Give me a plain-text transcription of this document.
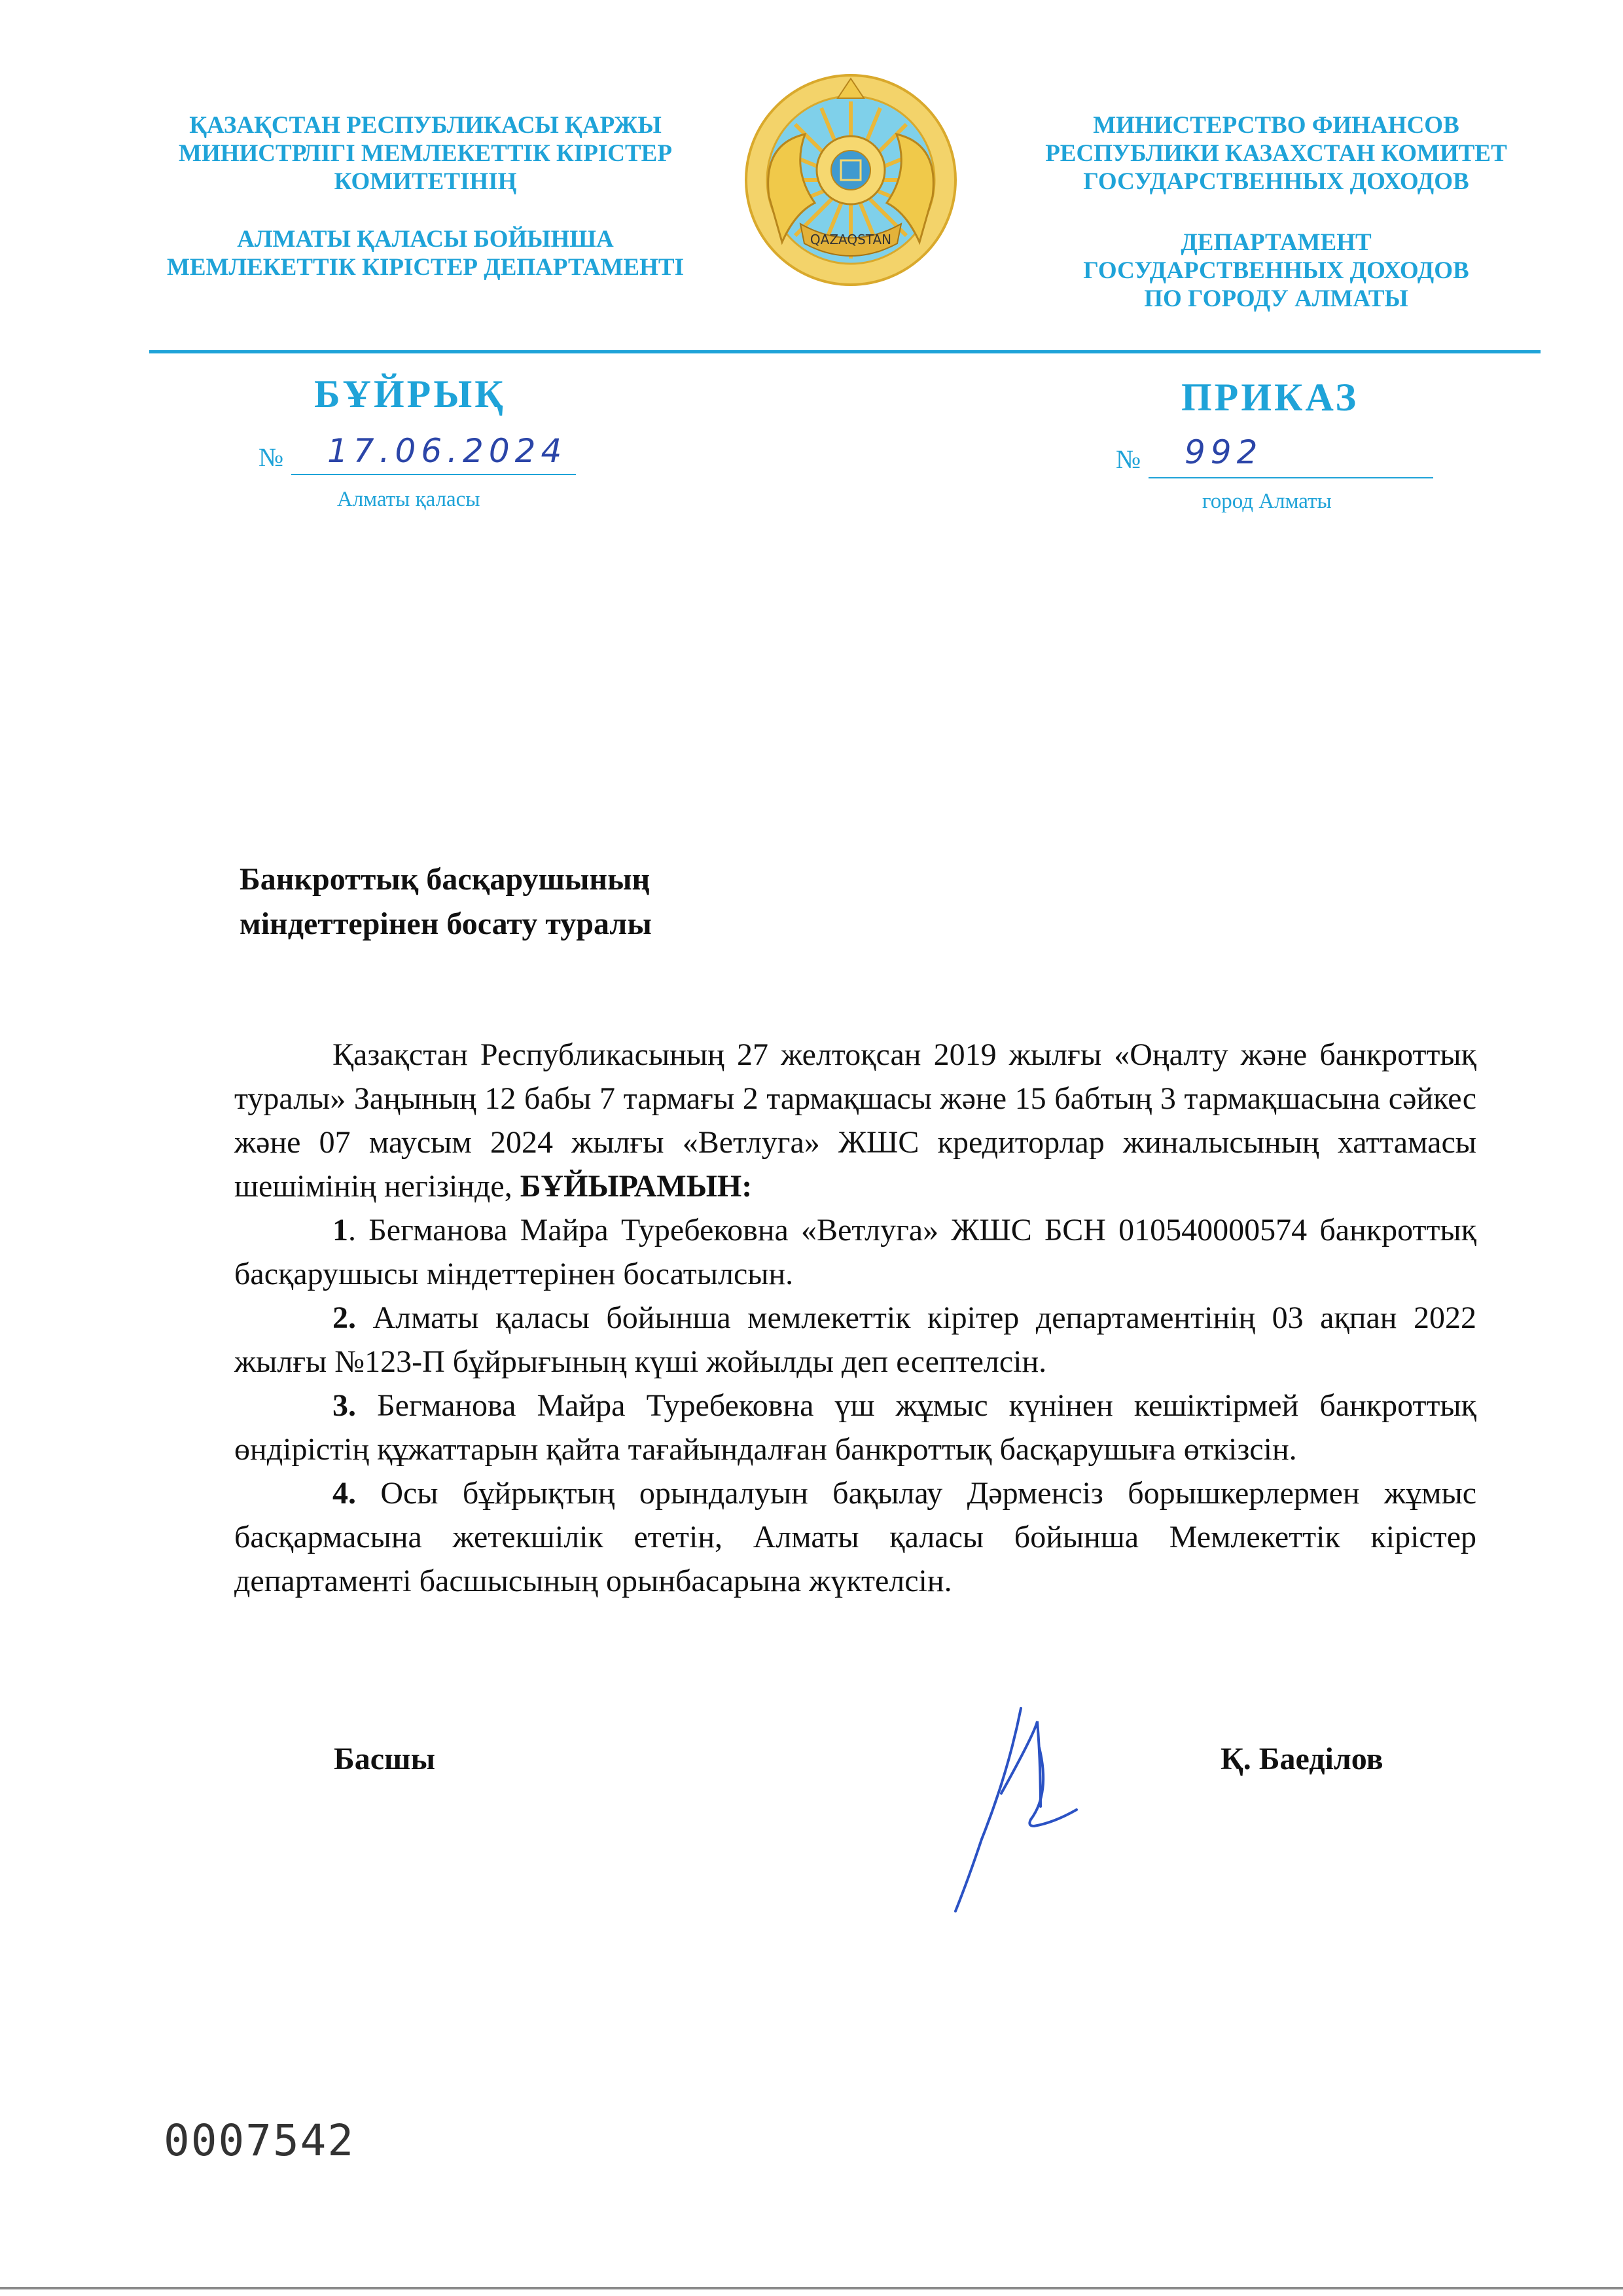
ҚАЗАҚСТАН РЕСПУБЛИКАСЫ ҚАРЖЫ
МИНИСТРЛІГІ МЕМЛЕКЕТТІК КІРІСТЕР
КОМИТЕТІНІҢ
АЛМАТЫ ҚАЛАСЫ БОЙЫНША
МЕМЛЕКЕТТІК КІРІСТЕР ДЕПАРТАМЕНТІ
QAZAQSTAN
МИНИСТЕРСТВО ФИНАНСОВ
РЕСПУБЛИКИ КАЗАХСТАН КОМИТЕТ
ГОСУДАРСТВЕННЫХ ДОХОДОВ
ДЕПАРТАМЕНТ
ГОСУДАРСТВЕННЫХ ДОХОДОВ
ПО ГОРОДУ АЛМАТЫ
БҰЙРЫҚ
№ 17.06.2024
Алматы қаласы
ПРИКАЗ
№ 992
город Алматы
Банкроттық басқарушының
міндеттерінен босату туралы

Қазақстан Республикасының 27 желтоқсан 2019 жылғы «Оңалту және банкроттық туралы» Заңының 12 бабы 7 тармағы 2 тармақшасы және 15 бабтың 3 тармақшасына сәйкес және 07 маусым 2024 жылғы «Ветлуга» ЖШС кредиторлар жиналысының хаттамасы шешімінің негізінде, БҰЙЫРАМЫН:

1. Бегманова Майра Туребековна «Ветлуга» ЖШС БСН 010540000574 банкроттық басқарушысы міндеттерінен босатылсын.

2. Алматы қаласы бойынша мемлекеттік кірітер департаментінің 03 ақпан 2022 жылғы №123-П бұйрығының күші жойылды деп есептелсін.

3. Бегманова Майра Туребековна үш жұмыс күнінен кешіктірмей банкроттық өндірістің құжаттарын қайта тағайындалған банкроттық басқарушыға өткізсін.

4. Осы бұйрықтың орындалуын бақылау Дәрменсіз борышкерлермен жұмыс басқармасына жетекшілік ететін, Алматы қаласы бойынша Мемлекеттік кірістер департаменті басшысының орынбасарына жүктелсін.

Басшы	Қ. Баеділов
0007542
